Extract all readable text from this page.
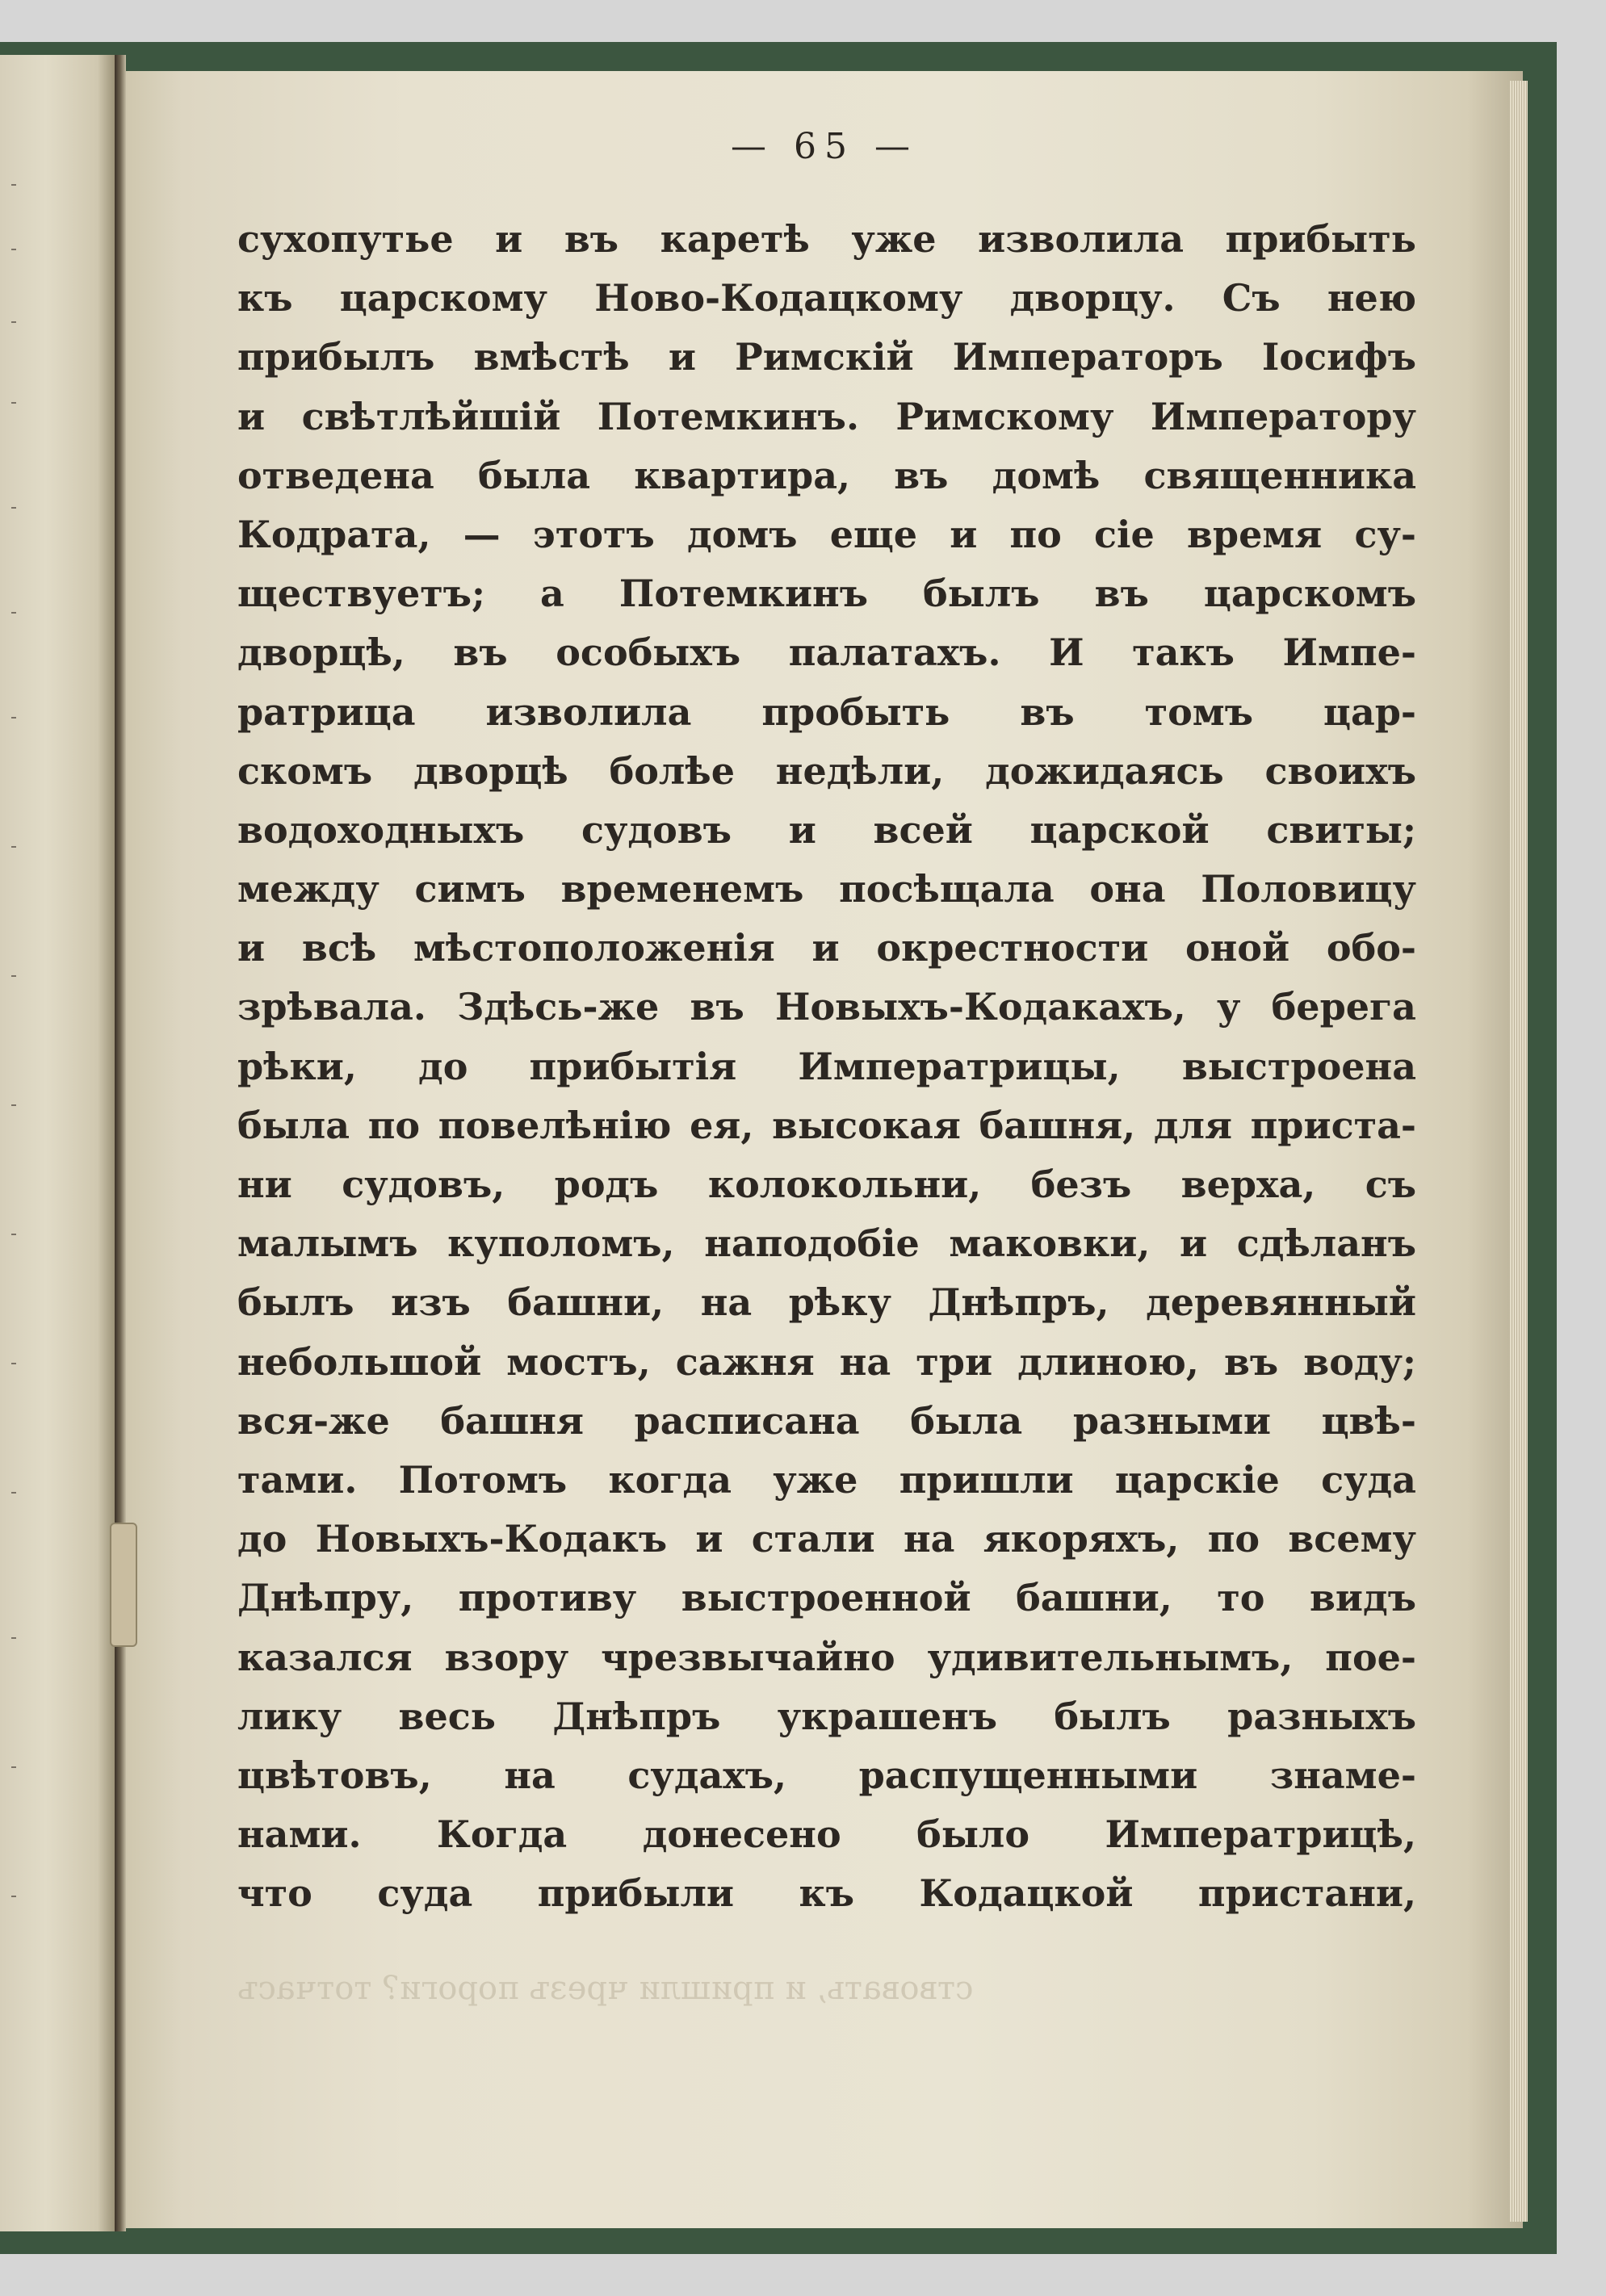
— 65 —
сухопутье и въ каретѣ уже изволила прибыть
къ царскому Ново-Кодацкому дворцу. Съ нею
прибылъ вмѣстѣ и Римскій Императоръ Іосифъ
и свѣтлѣйшій Потемкинъ. Римскому Императору
отведена была квартира, въ домѣ священника
Кодрата, — этотъ домъ еще и по сіе время су-
ществуетъ; а Потемкинъ былъ въ царскомъ
дворцѣ, въ особыхъ палатахъ. И такъ Импе-
ратрица изволила пробыть въ томъ цар-
скомъ дворцѣ болѣе недѣли, дожидаясь своихъ
водоходныхъ судовъ и всей царской свиты;
между симъ временемъ посѣщала она Половицу
и всѣ мѣстоположенія и окрестности оной обо-
зрѣвала. Здѣсь-же въ Новыхъ-Кодакахъ, у берега
рѣки, до прибытія Императрицы, выстроена
была по повелѣнію ея, высокая башня, для приста-
ни судовъ, родъ колокольни, безъ верха, съ
малымъ куполомъ, наподобіе маковки, и сдѣланъ
былъ изъ башни, на рѣку Днѣпръ, деревянный
небольшой мостъ, сажня на три длиною, въ воду;
вся-же башня расписана была разными цвѣ-
тами. Потомъ когда уже пришли царскіе суда
до Новыхъ-Кодакъ и стали на якоряхъ, по всему
Днѣпру, противу выстроенной башни, то видъ
казался взору чрезвычайно удивительнымъ, пое-
лику весь Днѣпръ украшенъ былъ разныхъ
цвѣтовъ, на судахъ, распущенными знаме-
нами. Когда донесено было Императрицѣ,
что суда прибыли къ Кодацкой пристани,
ствовать, и пришли чрезъ пороги? тотчасъ
